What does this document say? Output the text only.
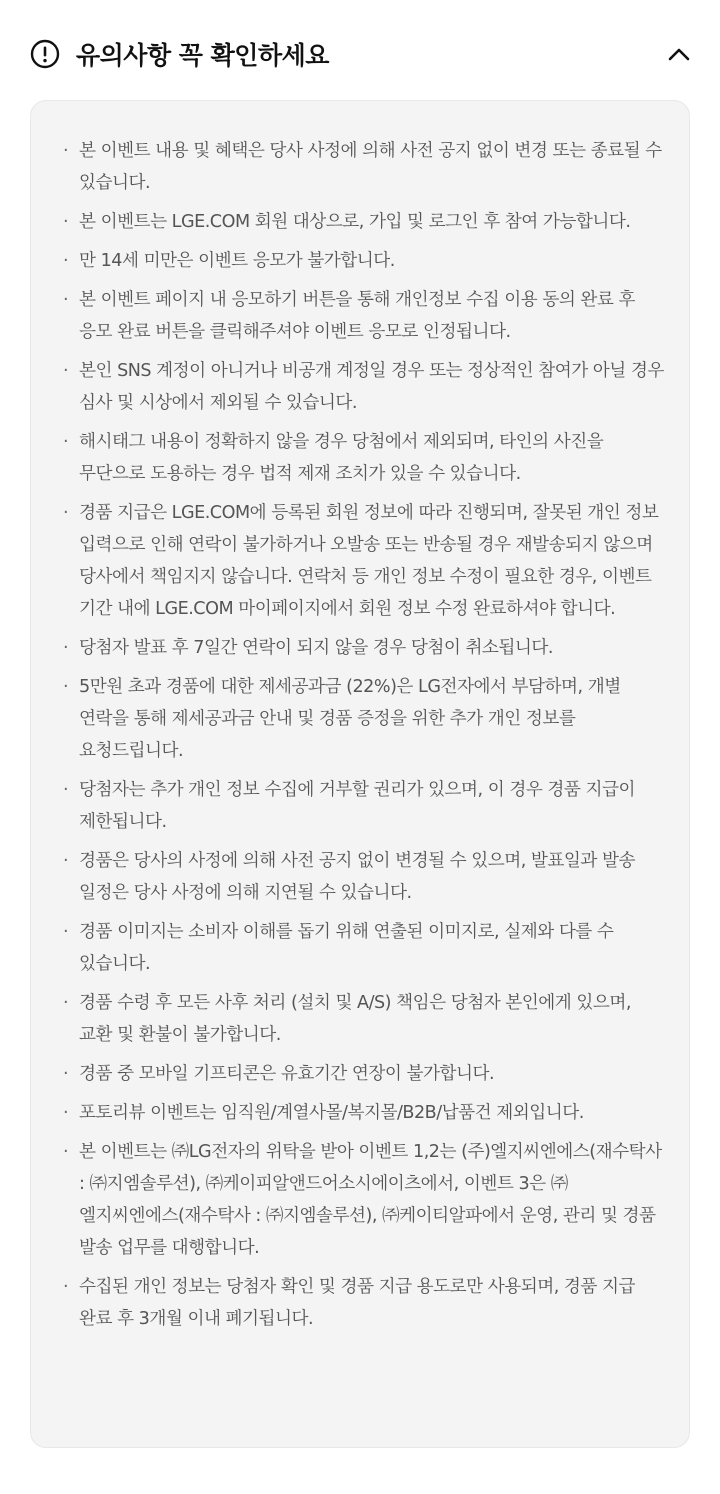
유의사항 꼭 확인하세요
· 본 이벤트 내용 및 혜택은 당사 사정에 의해 사전 공지 없이 변경 또는 종료될 수 있습니다.
· 본 이벤트는 LGE.COM 회원 대상으로, 가입 및 로그인 후 참여 가능합니다.
· 만 14세 미만은 이벤트 응모가 불가합니다.
· 본 이벤트 페이지 내 응모하기 버튼을 통해 개인정보 수집 이용 동의 완료 후 응모 완료 버튼을 클릭해주셔야 이벤트 응모로 인정됩니다.
· 본인 SNS 계정이 아니거나 비공개 계정일 경우 또는 정상적인 참여가 아닐 경우 심사 및 시상에서 제외될 수 있습니다.
· 해시태그 내용이 정확하지 않을 경우 당첨에서 제외되며, 타인의 사진을 무단으로 도용하는 경우 법적 제재 조치가 있을 수 있습니다.
· 경품 지급은 LGE.COM에 등록된 회원 정보에 따라 진행되며, 잘못된 개인 정보 입력으로 인해 연락이 불가하거나 오발송 또는 반송될 경우 재발송되지 않으며 당사에서 책임지지 않습니다. 연락처 등 개인 정보 수정이 필요한 경우, 이벤트 기간 내에 LGE.COM 마이페이지에서 회원 정보 수정 완료하셔야 합니다.
· 당첨자 발표 후 7일간 연락이 되지 않을 경우 당첨이 취소됩니다.
· 5만원 초과 경품에 대한 제세공과금 (22%)은 LG전자에서 부담하며, 개별 연락을 통해 제세공과금 안내 및 경품 증정을 위한 추가 개인 정보를 요청드립니다.
· 당첨자는 추가 개인 정보 수집에 거부할 권리가 있으며, 이 경우 경품 지급이 제한됩니다.
· 경품은 당사의 사정에 의해 사전 공지 없이 변경될 수 있으며, 발표일과 발송 일정은 당사 사정에 의해 지연될 수 있습니다.
· 경품 이미지는 소비자 이해를 돕기 위해 연출된 이미지로, 실제와 다를 수 있습니다.
· 경품 수령 후 모든 사후 처리 (설치 및 A/S) 책임은 당첨자 본인에게 있으며, 교환 및 환불이 불가합니다.
· 경품 중 모바일 기프티콘은 유효기간 연장이 불가합니다.
· 포토리뷰 이벤트는 임직원/계열사몰/복지몰/B2B/납품건 제외입니다.
· 본 이벤트는 ㈜LG전자의 위탁을 받아 이벤트 1,2는 (주)엘지씨엔에스(재수탁사 : ㈜지엠솔루션), ㈜케이피알앤드어소시에이츠에서, 이벤트 3은 ㈜엘지씨엔에스(재수탁사 : ㈜지엠솔루션), ㈜케이티알파에서 운영, 관리 및 경품 발송 업무를 대행합니다.
· 수집된 개인 정보는 당첨자 확인 및 경품 지급 용도로만 사용되며, 경품 지급 완료 후 3개월 이내 폐기됩니다.
